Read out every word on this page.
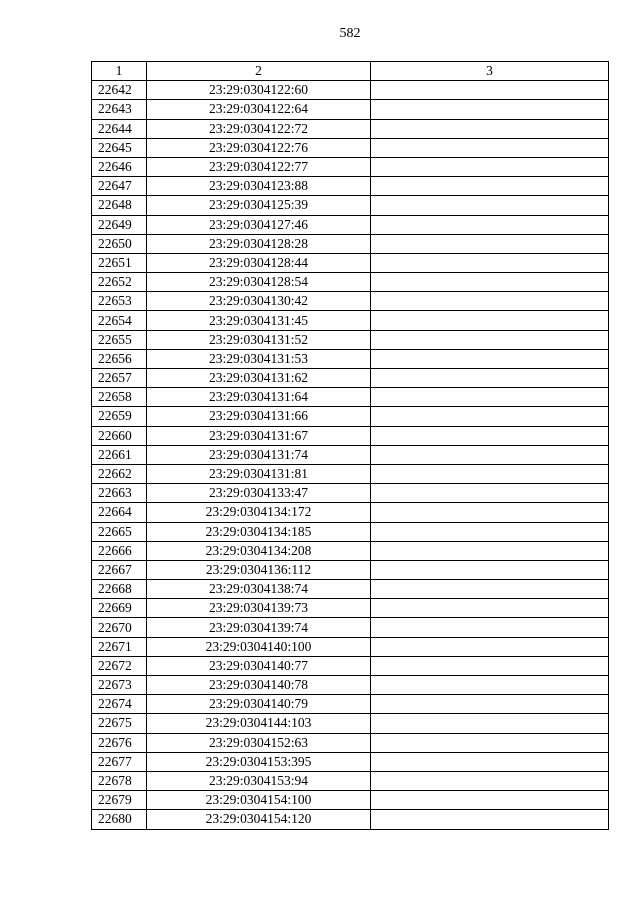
582
1	2	3
22642	23:29:0304122:60	
22643	23:29:0304122:64	
22644	23:29:0304122:72	
22645	23:29:0304122:76	
22646	23:29:0304122:77	
22647	23:29:0304123:88	
22648	23:29:0304125:39	
22649	23:29:0304127:46	
22650	23:29:0304128:28	
22651	23:29:0304128:44	
22652	23:29:0304128:54	
22653	23:29:0304130:42	
22654	23:29:0304131:45	
22655	23:29:0304131:52	
22656	23:29:0304131:53	
22657	23:29:0304131:62	
22658	23:29:0304131:64	
22659	23:29:0304131:66	
22660	23:29:0304131:67	
22661	23:29:0304131:74	
22662	23:29:0304131:81	
22663	23:29:0304133:47	
22664	23:29:0304134:172	
22665	23:29:0304134:185	
22666	23:29:0304134:208	
22667	23:29:0304136:112	
22668	23:29:0304138:74	
22669	23:29:0304139:73	
22670	23:29:0304139:74	
22671	23:29:0304140:100	
22672	23:29:0304140:77	
22673	23:29:0304140:78	
22674	23:29:0304140:79	
22675	23:29:0304144:103	
22676	23:29:0304152:63	
22677	23:29:0304153:395	
22678	23:29:0304153:94	
22679	23:29:0304154:100	
22680	23:29:0304154:120	
